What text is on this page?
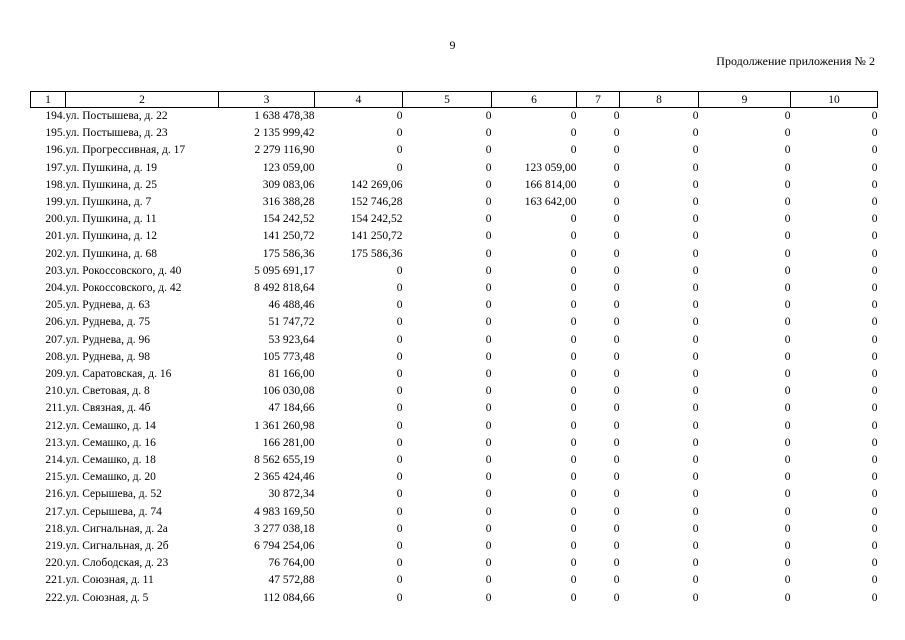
9
Продолжение приложения № 2
1	2	3	4	5	6	7	8	9	10
194.	ул. Постышева, д. 22	1 638 478,38	0	0	0	0	0	0	0
195.	ул. Постышева, д. 23	2 135 999,42	0	0	0	0	0	0	0
196.	ул. Прогрессивная, д. 17	2 279 116,90	0	0	0	0	0	0	0
197.	ул. Пушкина, д. 19	123 059,00	0	0	123 059,00	0	0	0	0
198.	ул. Пушкина, д. 25	309 083,06	142 269,06	0	166 814,00	0	0	0	0
199.	ул. Пушкина, д. 7	316 388,28	152 746,28	0	163 642,00	0	0	0	0
200.	ул. Пушкина, д. 11	154 242,52	154 242,52	0	0	0	0	0	0
201.	ул. Пушкина, д. 12	141 250,72	141 250,72	0	0	0	0	0	0
202.	ул. Пушкина, д. 68	175 586,36	175 586,36	0	0	0	0	0	0
203.	ул. Рокоссовского, д. 40	5 095 691,17	0	0	0	0	0	0	0
204.	ул. Рокоссовского, д. 42	8 492 818,64	0	0	0	0	0	0	0
205.	ул. Руднева, д. 63	46 488,46	0	0	0	0	0	0	0
206.	ул. Руднева, д. 75	51 747,72	0	0	0	0	0	0	0
207.	ул. Руднева, д. 96	53 923,64	0	0	0	0	0	0	0
208.	ул. Руднева, д. 98	105 773,48	0	0	0	0	0	0	0
209.	ул. Саратовская, д. 16	81 166,00	0	0	0	0	0	0	0
210.	ул. Световая, д. 8	106 030,08	0	0	0	0	0	0	0
211.	ул. Связная, д. 4б	47 184,66	0	0	0	0	0	0	0
212.	ул. Семашко, д. 14	1 361 260,98	0	0	0	0	0	0	0
213.	ул. Семашко, д. 16	166 281,00	0	0	0	0	0	0	0
214.	ул. Семашко, д. 18	8 562 655,19	0	0	0	0	0	0	0
215.	ул. Семашко, д. 20	2 365 424,46	0	0	0	0	0	0	0
216.	ул. Серышева, д. 52	30 872,34	0	0	0	0	0	0	0
217.	ул. Серышева, д. 74	4 983 169,50	0	0	0	0	0	0	0
218.	ул. Сигнальная, д. 2а	3 277 038,18	0	0	0	0	0	0	0
219.	ул. Сигнальная, д. 2б	6 794 254,06	0	0	0	0	0	0	0
220.	ул. Слободская, д. 23	76 764,00	0	0	0	0	0	0	0
221.	ул. Союзная, д. 11	47 572,88	0	0	0	0	0	0	0
222.	ул. Союзная, д. 5	112 084,66	0	0	0	0	0	0	0
